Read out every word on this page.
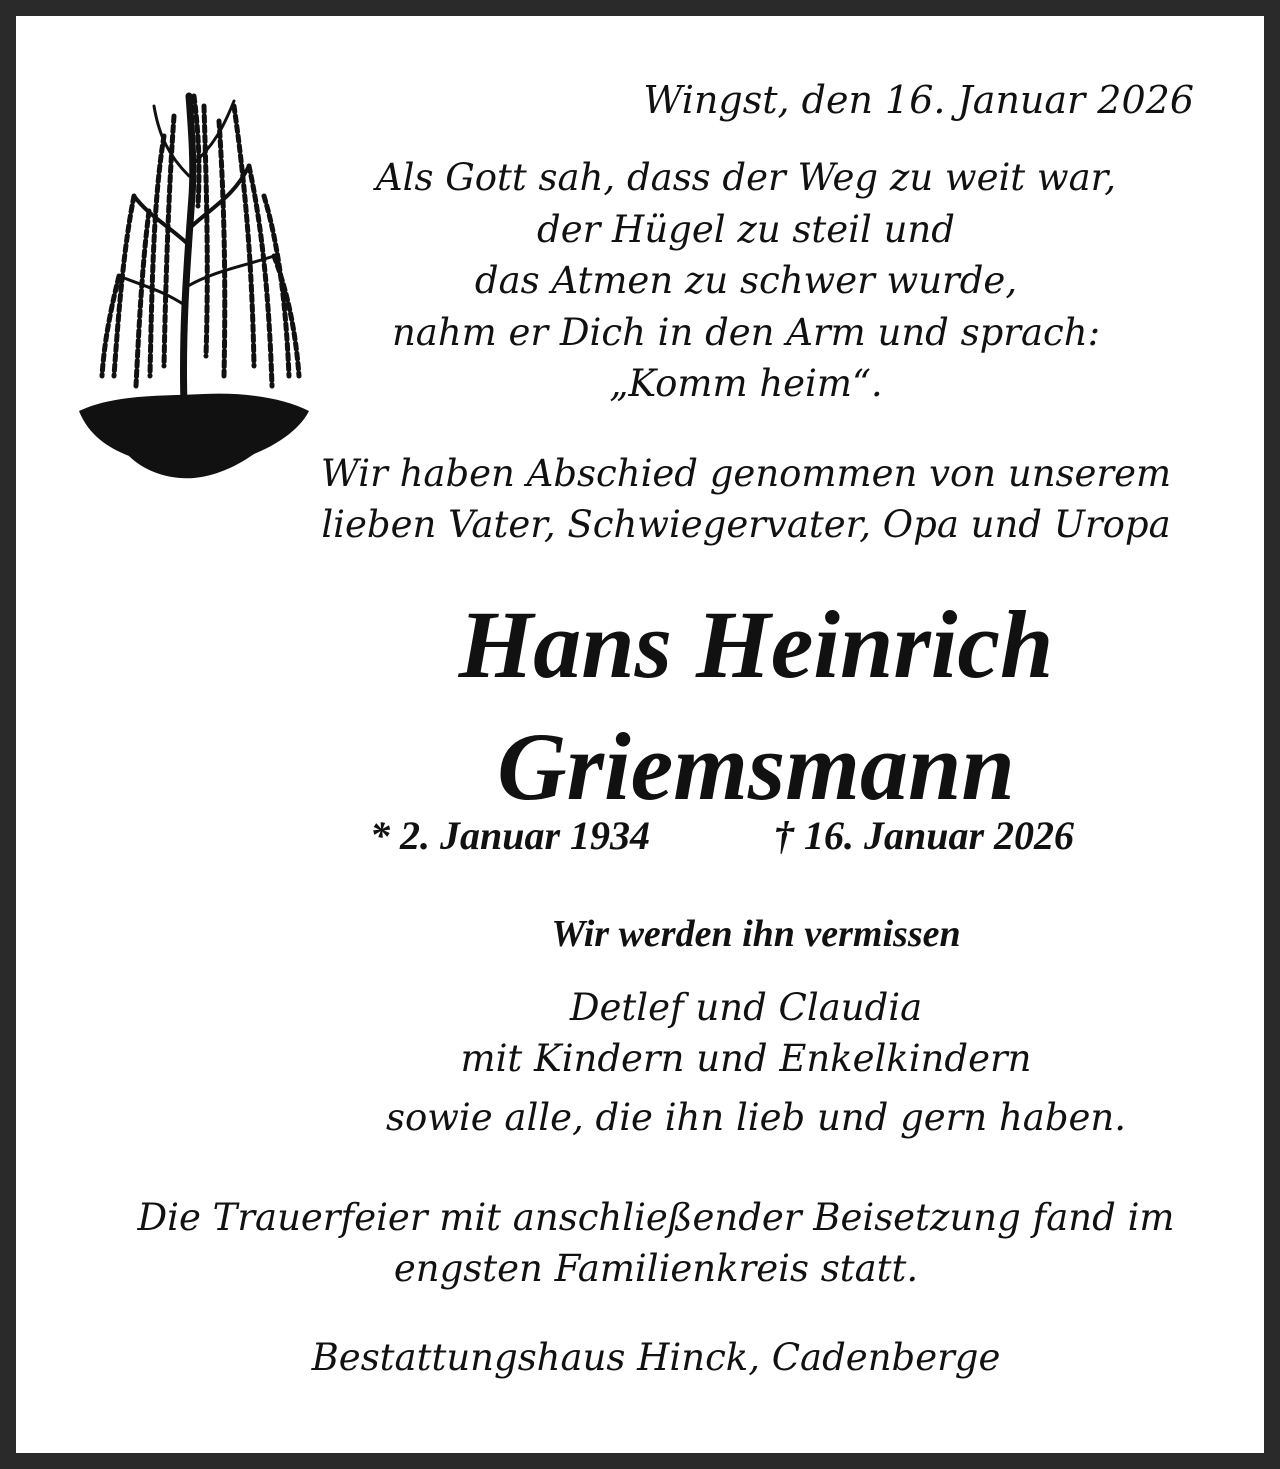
Wingst, den 16. Januar 2026
Als Gott sah, dass der Weg zu weit war,
der Hügel zu steil und
das Atmen zu schwer wurde,
nahm er Dich in den Arm und sprach:
„Komm heim“.
Wir haben Abschied genommen von unserem
lieben Vater, Schwiegervater, Opa und Uropa
Hans Heinrich
Griemsmann
* 2. Januar 1934	† 16. Januar 2026
Wir werden ihn vermissen
Detlef und Claudia
mit Kindern und Enkelkindern
sowie alle, die ihn lieb und gern haben.
Die Trauerfeier mit anschließender Beisetzung fand im
engsten Familienkreis statt.
Bestattungshaus Hinck, Cadenberge
